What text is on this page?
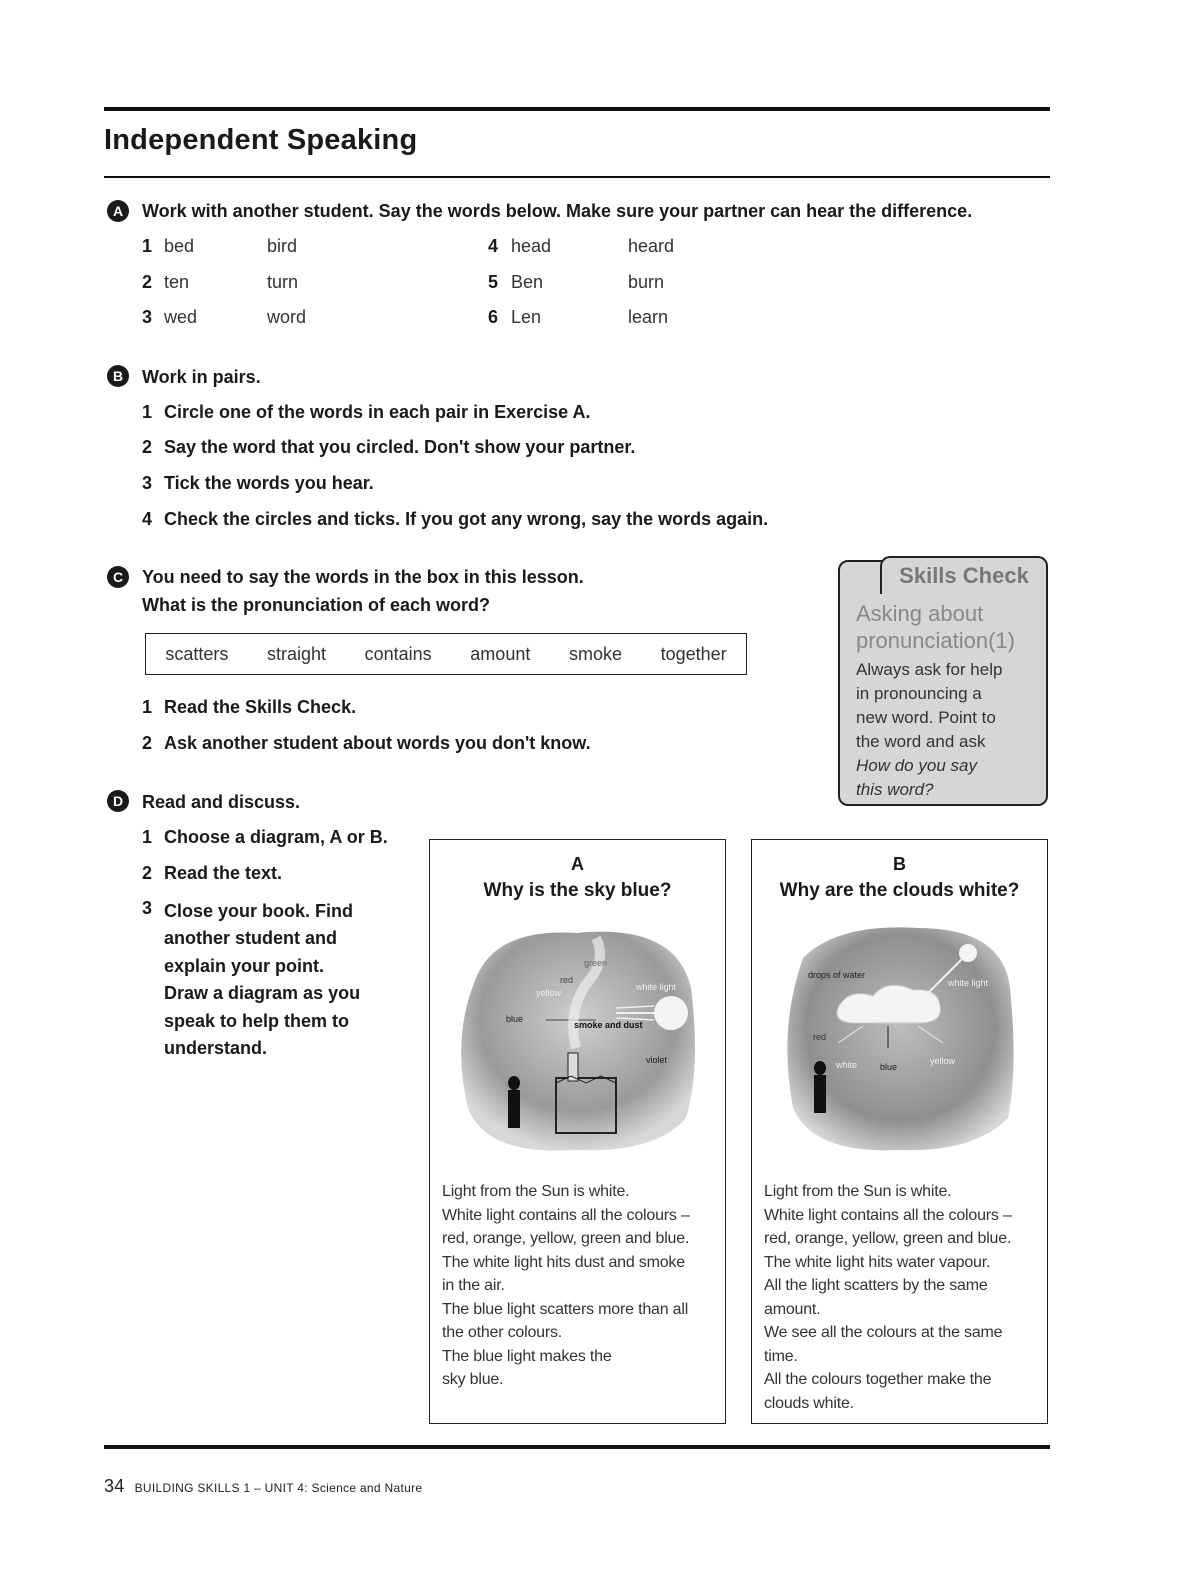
Independent Speaking
A	Work with another student. Say the words below. Make sure your partner can hear the difference.
1 bed	bird
2 ten	turn
3 wed	word
4 head	heard
5 Ben	burn
6 Len	learn
B	Work in pairs.
1 Circle one of the words in each pair in Exercise A.
2 Say the word that you circled. Don't show your partner.
3 Tick the words you hear.
4 Check the circles and ticks. If you got any wrong, say the words again.
C	You need to say the words in the box in this lesson.
What is the pronunciation of each word?
scatters straight contains amount smoke together
1 Read the Skills Check.
2 Ask another student about words you don't know.
Skills Check
Asking about
pronunciation(1)
Always ask for help
in pronouncing a
new word. Point to
the word and ask
How do you say
this word?
D	Read and discuss.
1 Choose a diagram, A or B.
2 Read the text.
3 Close your book. Find
another student and
explain your point.
Draw a diagram as you
speak to help them to
understand.
A
Why is the sky blue?
red
green
yellow
white light
blue
smoke and dust
violet
Light from the Sun is white.
White light contains all the colours –
red, orange, yellow, green and blue.
The white light hits dust and smoke
in the air.
The blue light scatters more than all
the other colours.
The blue light makes the
sky blue.
B
Why are the clouds white?
drops of water
white light
red
white	blue
yellow
Light from the Sun is white.
White light contains all the colours –
red, orange, yellow, green and blue.
The white light hits water vapour.
All the light scatters by the same
amount.
We see all the colours at the same
time.
All the colours together make the
clouds white.
34 BUILDING SKILLS 1 – UNIT 4: Science and Nature
